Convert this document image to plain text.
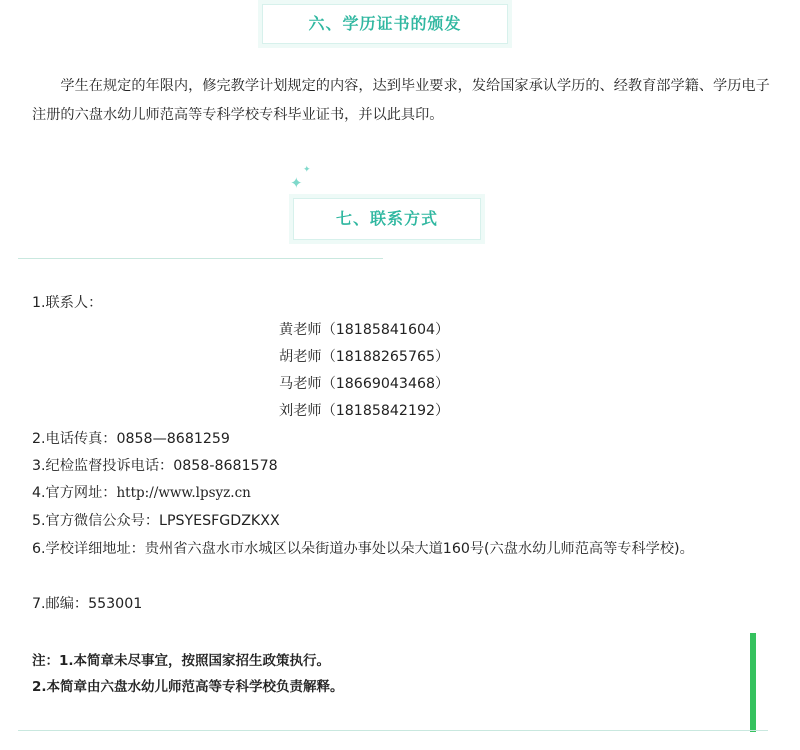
六、学历证书的颁发

学生在规定的年限内，修完教学计划规定的内容，达到毕业要求，发给国家承认学历的、经教育部学籍、学历电子注册的六盘水幼儿师范高等专科学校专科毕业证书，并以此具印。

✦
✦
七、联系方式
1.联系人：
黄老师（18185841604）
胡老师（18188265765）
马老师（18669043468）
刘老师（18185842192）
2.电话传真：0858—8681259
3.纪检监督投诉电话：0858-8681578
4.官方网址：http://www.lpsyz.cn
5.官方微信公众号：LPSYESFGDZKXX
6.学校详细地址：贵州省六盘水市水城区以朵街道办事处以朵大道160号(六盘水幼儿师范高等专科学校)。
7.邮编：553001
注：1.本简章未尽事宜，按照国家招生政策执行。
2.本简章由六盘水幼儿师范高等专科学校负责解释。
